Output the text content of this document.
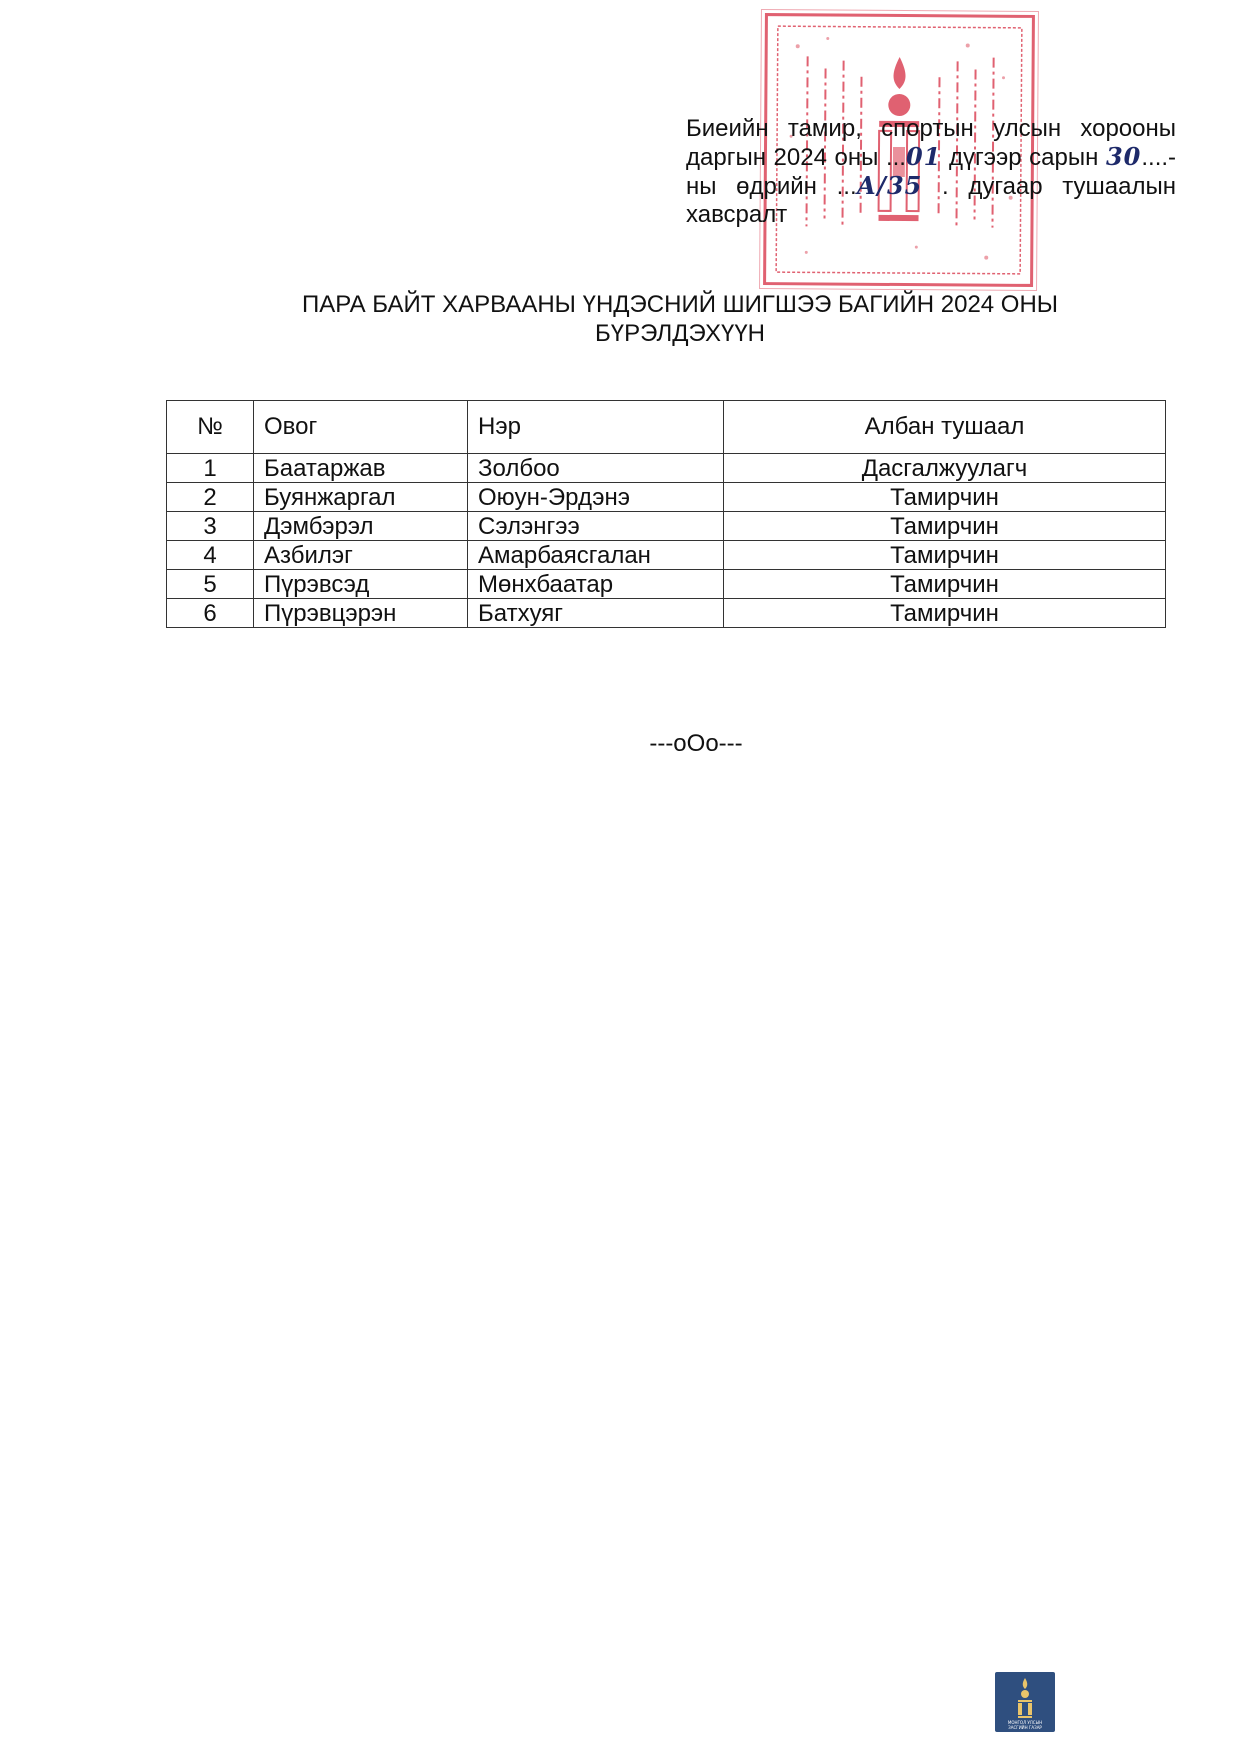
Биеийн тамир, спортын улсын хорооны
даргын 2024 оны ...01 дүгээр сарын 30....-
ны өдрийн ...А/35 . дугаар тушаалын
хавсралт
ПАРА БАЙТ ХАРВААНЫ ҮНДЭСНИЙ ШИГШЭЭ БАГИЙН 2024 ОНЫ
БҮРЭЛДЭХҮҮН
№	Овог	Нэр	Албан тушаал
1	Баатаржав	Золбоо	Дасгалжуулагч
2	Буянжаргал	Оюун-Эрдэнэ	Тамирчин
3	Дэмбэрэл	Сэлэнгээ	Тамирчин
4	Азбилэг	Амарбаясгалан	Тамирчин
5	Пүрэвсэд	Мөнхбаатар	Тамирчин
6	Пүрэвцэрэн	Батхуяг	Тамирчин
---oOo---
МОНГОЛ УЛСЫН
ЗАСГИЙН ГАЗАР
